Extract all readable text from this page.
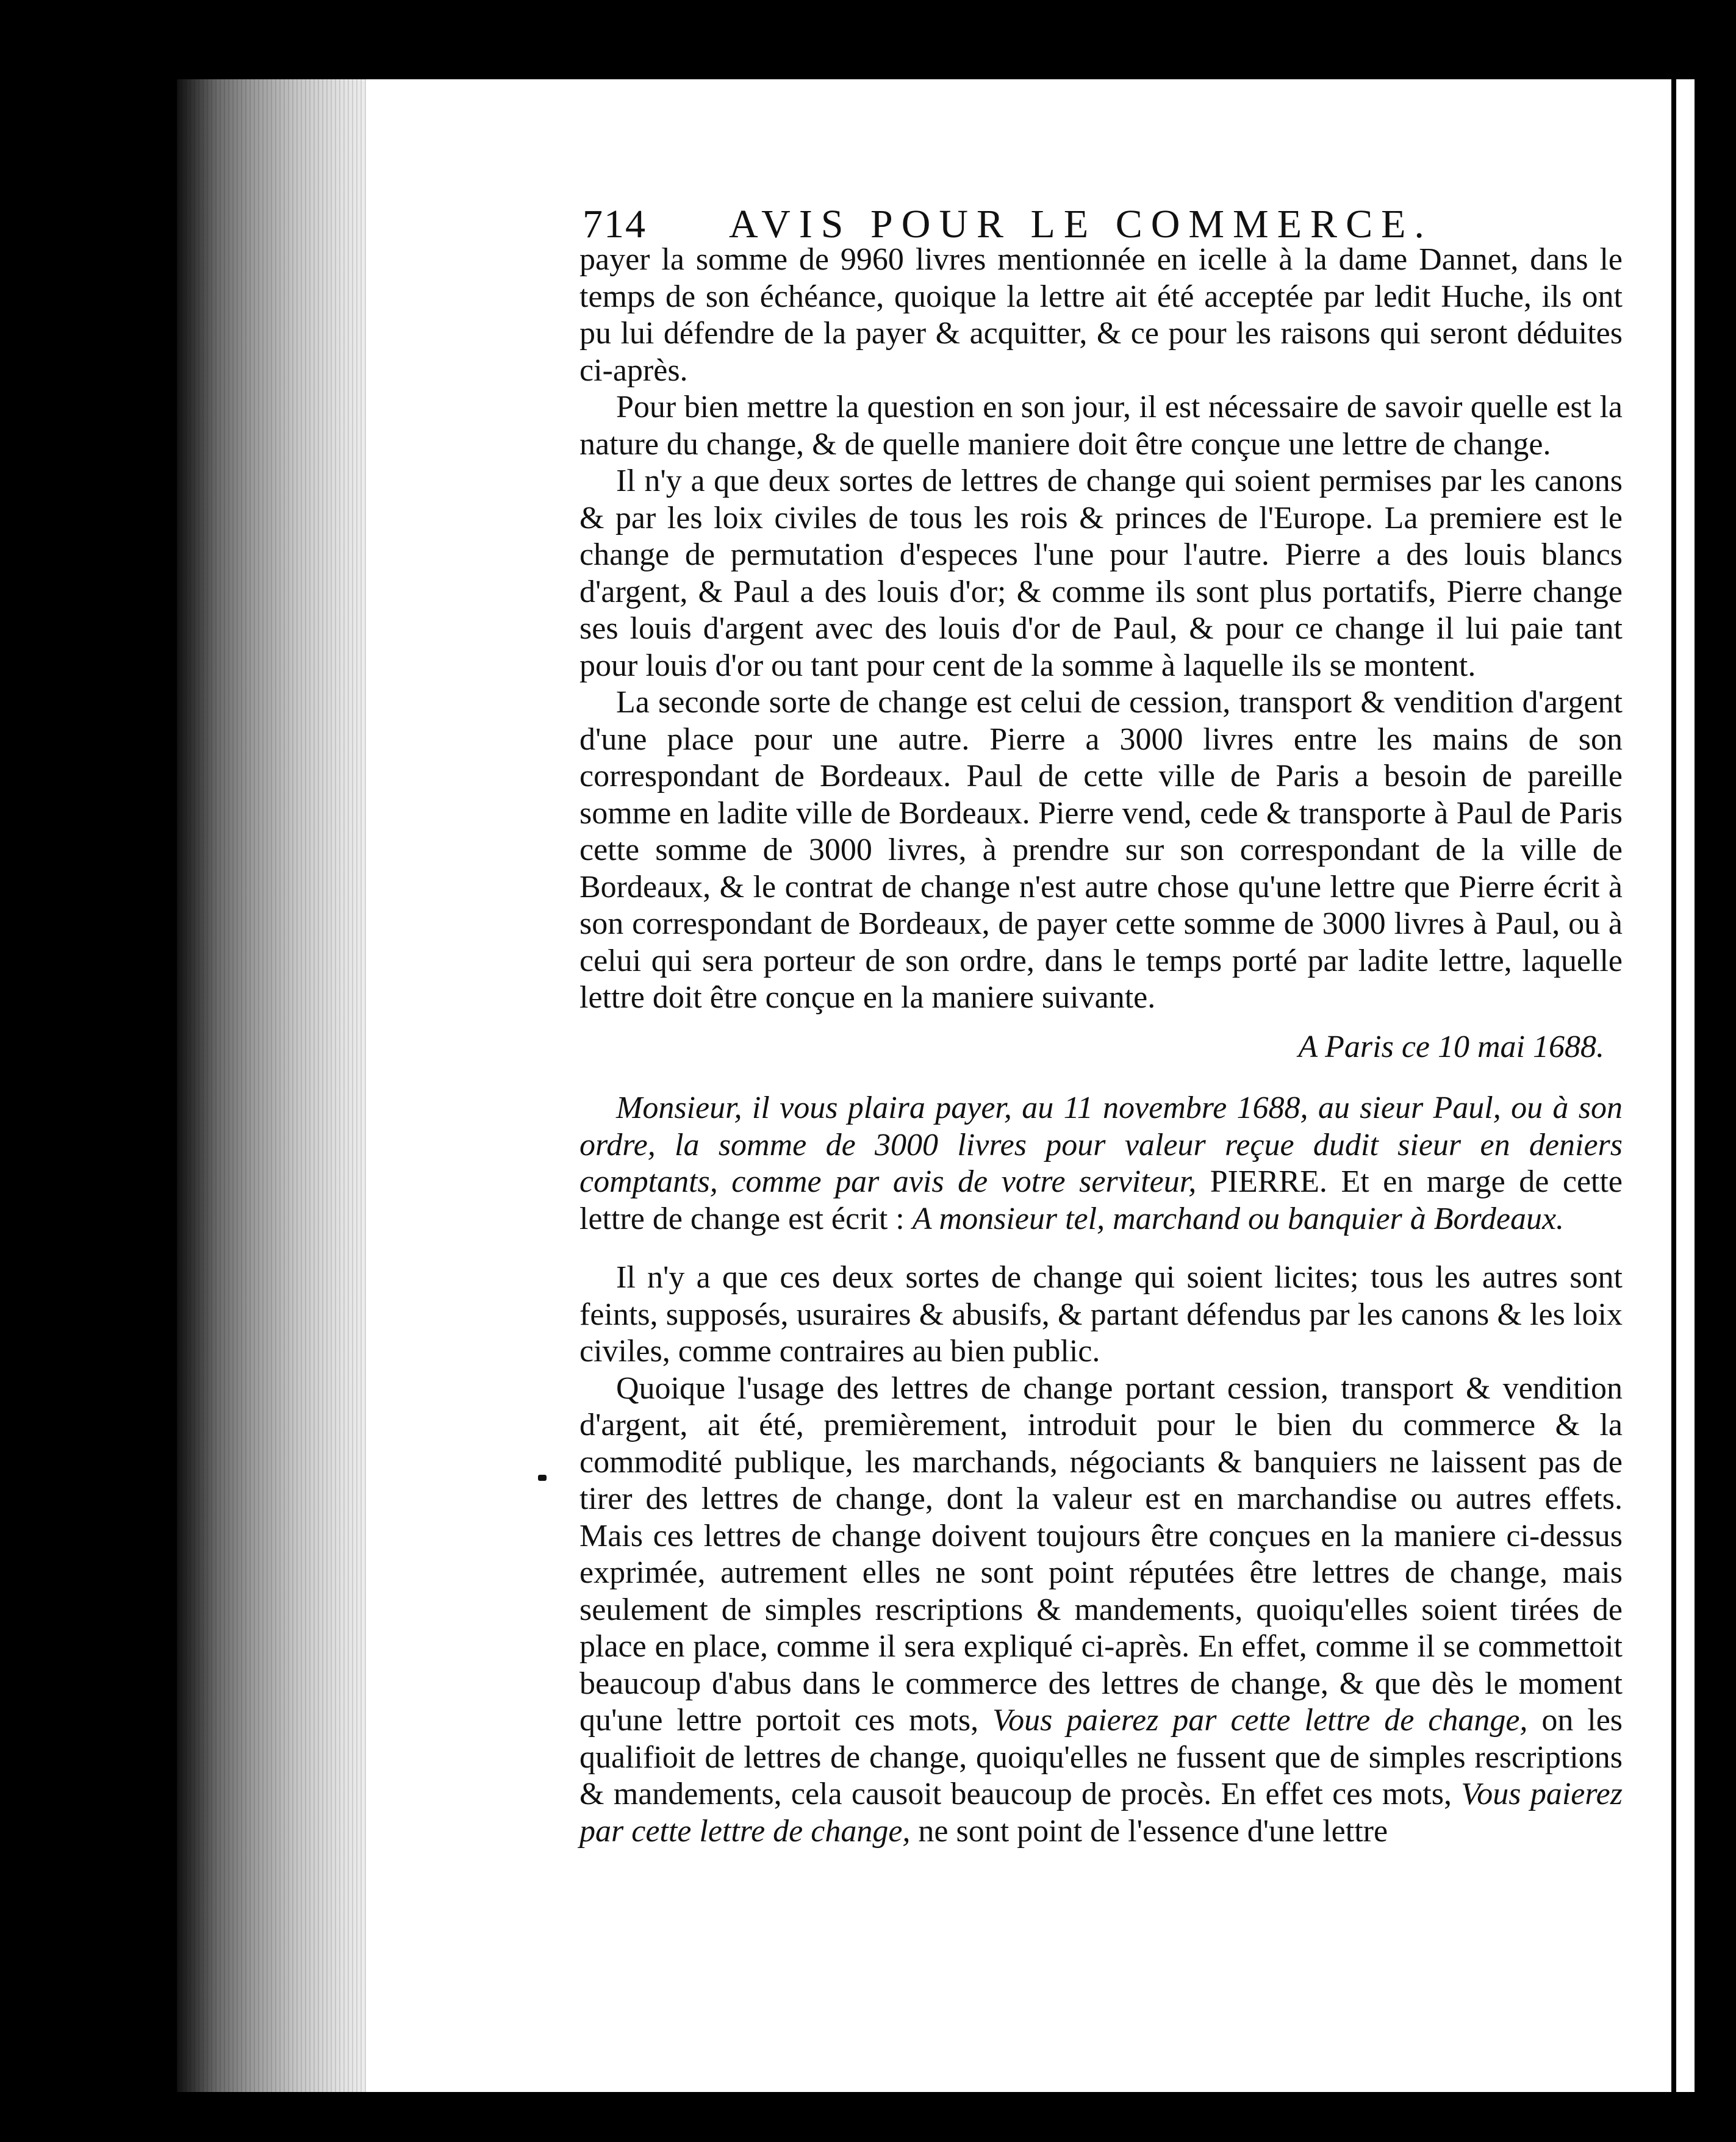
714 AVIS POUR LE COMMERCE.

payer la somme de 9960 livres mentionnée en icelle à la dame Dannet, dans le temps de son échéance, quoique la lettre ait été acceptée par ledit Huche, ils ont pu lui défendre de la payer & acquitter, & ce pour les raisons qui seront déduites ci-après.

Pour bien mettre la question en son jour, il est nécessaire de savoir quelle est la nature du change, & de quelle maniere doit être conçue une lettre de change.

Il n'y a que deux sortes de lettres de change qui soient permises par les canons & par les loix civiles de tous les rois & princes de l'Europe. La premiere est le change de permutation d'especes l'une pour l'autre. Pierre a des louis blancs d'argent, & Paul a des louis d'or; & comme ils sont plus portatifs, Pierre change ses louis d'argent avec des louis d'or de Paul, & pour ce change il lui paie tant pour louis d'or ou tant pour cent de la somme à laquelle ils se montent.

La seconde sorte de change est celui de cession, transport & vendition d'argent d'une place pour une autre. Pierre a 3000 livres entre les mains de son correspondant de Bordeaux. Paul de cette ville de Paris a besoin de pareille somme en ladite ville de Bordeaux. Pierre vend, cede & transporte à Paul de Paris cette somme de 3000 livres, à prendre sur son correspondant de la ville de Bordeaux, & le contrat de change n'est autre chose qu'une lettre que Pierre écrit à son correspondant de Bordeaux, de payer cette somme de 3000 livres à Paul, ou à celui qui sera porteur de son ordre, dans le temps porté par ladite lettre, laquelle lettre doit être conçue en la maniere suivante.

A Paris ce 10 mai 1688.

Monsieur, il vous plaira payer, au 11 novembre 1688, au sieur Paul, ou à son ordre, la somme de 3000 livres pour valeur reçue dudit sieur en deniers comptants, comme par avis de votre serviteur, PIERRE. Et en marge de cette lettre de change est écrit : A monsieur tel, marchand ou banquier à Bordeaux.

Il n'y a que ces deux sortes de change qui soient licites; tous les autres sont feints, supposés, usuraires & abusifs, & partant défendus par les canons & les loix civiles, comme contraires au bien public.

Quoique l'usage des lettres de change portant cession, transport & vendition d'argent, ait été, premièrement, introduit pour le bien du commerce & la commodité publique, les marchands, négociants & banquiers ne laissent pas de tirer des lettres de change, dont la valeur est en marchandise ou autres effets. Mais ces lettres de change doivent toujours être conçues en la maniere ci-dessus exprimée, autrement elles ne sont point réputées être lettres de change, mais seulement de simples rescriptions & mandements, quoiqu'elles soient tirées de place en place, comme il sera expliqué ci-après. En effet, comme il se commettoit beaucoup d'abus dans le commerce des lettres de change, & que dès le moment qu'une lettre portoit ces mots, Vous paierez par cette lettre de change, on les qualifioit de lettres de change, quoiqu'elles ne fussent que de simples rescriptions & mandements, cela causoit beaucoup de procès. En effet ces mots, Vous paierez par cette lettre de change, ne sont point de l'essence d'une lettre
